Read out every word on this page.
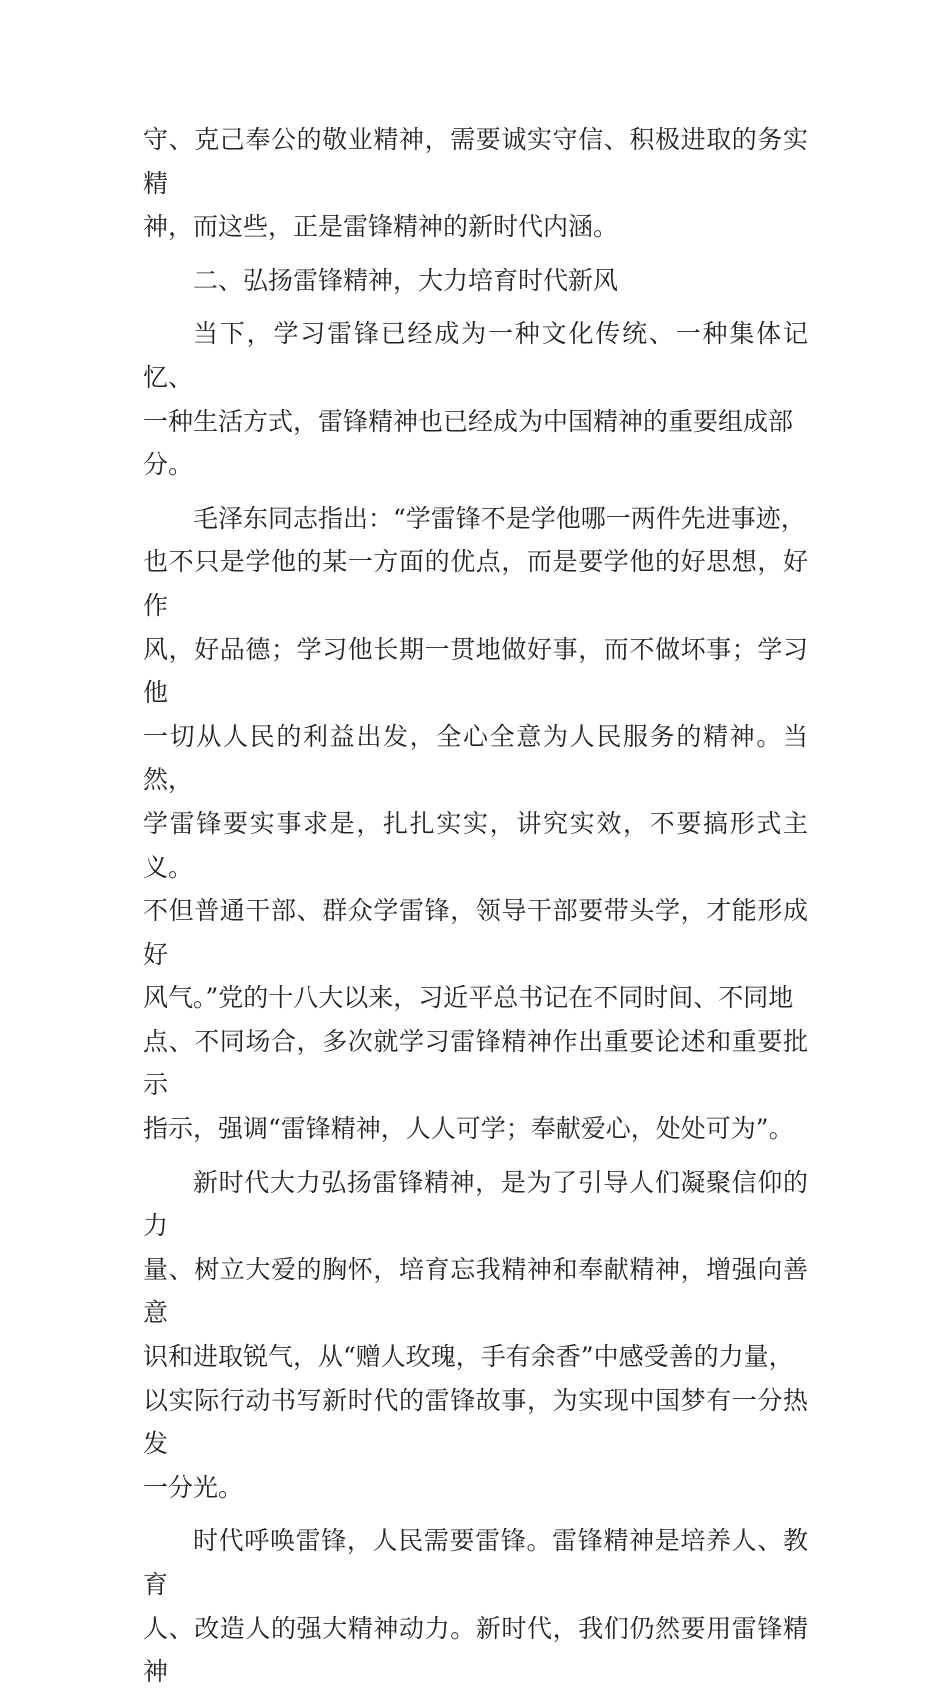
守、克己奉公的敬业精神，需要诚实守信、积极进取的务实精
神，而这些，正是雷锋精神的新时代内涵。

二、弘扬雷锋精神，大力培育时代新风

当下，学习雷锋已经成为一种文化传统、一种集体记忆、
一种生活方式，雷锋精神也已经成为中国精神的重要组成部
分。

毛泽东同志指出：“学雷锋不是学他哪一两件先进事迹，
也不只是学他的某一方面的优点，而是要学他的好思想，好作
风，好品德；学习他长期一贯地做好事，而不做坏事；学习他
一切从人民的利益出发，全心全意为人民服务的精神。当然，
学雷锋要实事求是，扎扎实实，讲究实效，不要搞形式主义。
不但普通干部、群众学雷锋，领导干部要带头学，才能形成好
风气。”党的十八大以来，习近平总书记在不同时间、不同地
点、不同场合，多次就学习雷锋精神作出重要论述和重要批示
指示，强调“雷锋精神，人人可学；奉献爱心，处处可为”。

新时代大力弘扬雷锋精神，是为了引导人们凝聚信仰的力
量、树立大爱的胸怀，培育忘我精神和奉献精神，增强向善意
识和进取锐气，从“赠人玫瑰，手有余香”中感受善的力量，
以实际行动书写新时代的雷锋故事，为实现中国梦有一分热发
一分光。

时代呼唤雷锋，人民需要雷锋。雷锋精神是培养人、教育
人、改造人的强大精神动力。新时代，我们仍然要用雷锋精神
